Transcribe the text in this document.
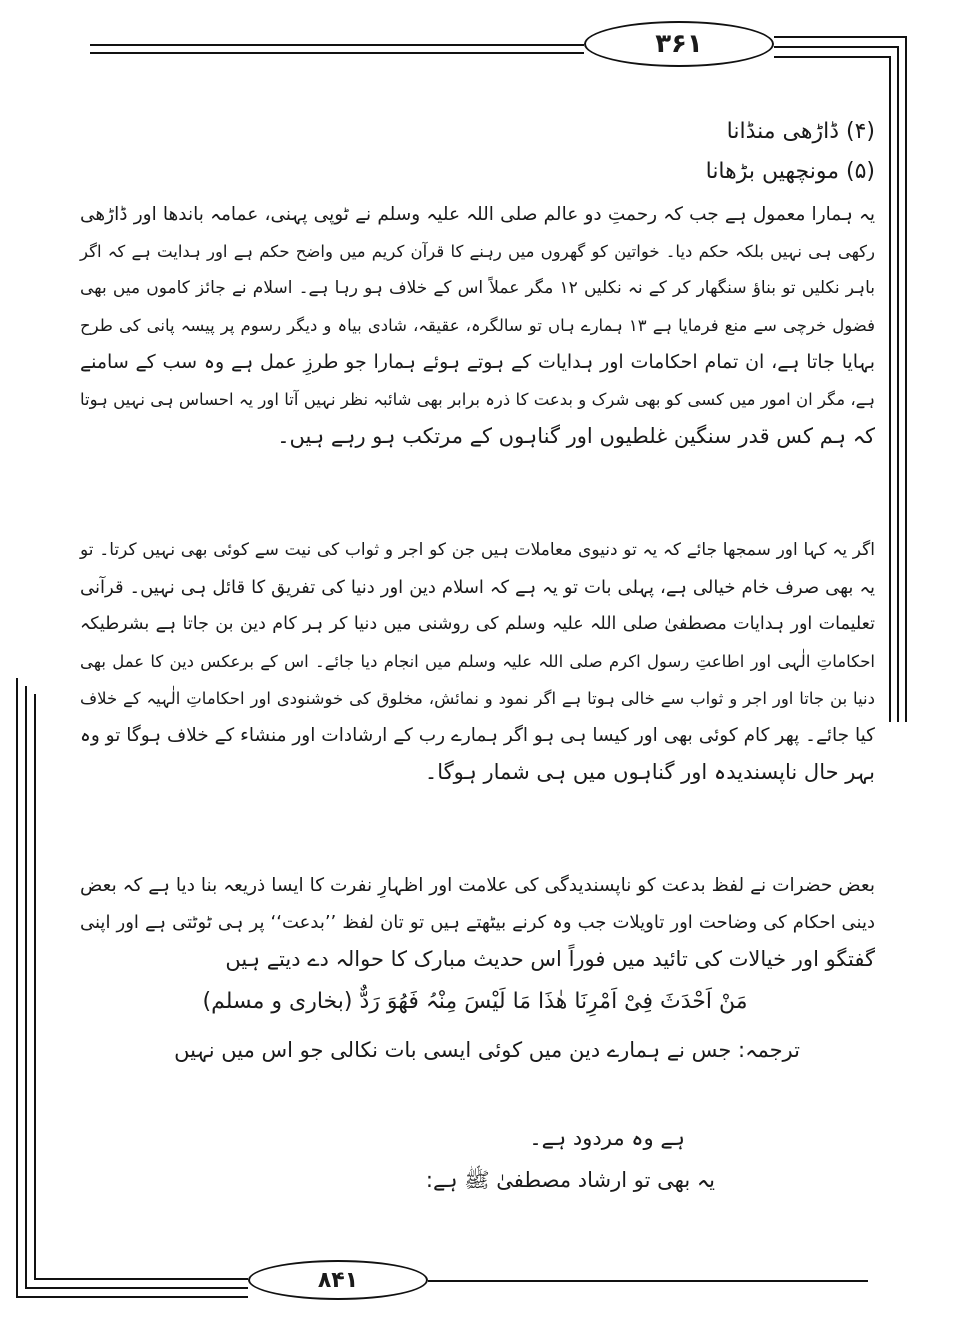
۳۶۱
(۴) ڈاڑھی منڈانا
(۵) مونچھیں بڑھانا
یہ ہمارا معمول ہے جب کہ رحمتِ دو عالم صلی اللہ علیہ وسلم نے ٹوپی پہنی، عمامہ باندھا اور ڈاڑھی
رکھی ہی نہیں بلکہ حکم دیا۔ خواتین کو گھروں میں رہنے کا قرآن کریم میں واضح حکم ہے اور ہدایت ہے کہ اگر
باہر نکلیں تو بناؤ سنگھار کر کے نہ نکلیں ۱۲ مگر عملاً اس کے خلاف ہو رہا ہے۔ اسلام نے جائز کاموں میں بھی
فضول خرچی سے منع فرمایا ہے ۱۳ ہمارے ہاں تو سالگرہ، عقیقہ، شادی بیاہ و دیگر رسوم پر پیسہ پانی کی طرح
بہایا جاتا ہے، ان تمام احکامات اور ہدایات کے ہوتے ہوئے ہمارا جو طرزِ عمل ہے وہ سب کے سامنے
ہے، مگر ان امور میں کسی کو بھی شرک و بدعت کا ذرہ برابر بھی شائبہ نظر نہیں آتا اور یہ احساس ہی نہیں ہوتا
کہ ہم کس قدر سنگین غلطیوں اور گناہوں کے مرتکب ہو رہے ہیں۔
اگر یہ کہا اور سمجھا جائے کہ یہ تو دنیوی معاملات ہیں جن کو اجر و ثواب کی نیت سے کوئی بھی نہیں کرتا۔ تو
یہ بھی صرف خام خیالی ہے، پہلی بات تو یہ ہے کہ اسلام دین اور دنیا کی تفریق کا قائل ہی نہیں۔ قرآنی
تعلیمات اور ہدایات مصطفیٰ صلی اللہ علیہ وسلم کی روشنی میں دنیا کر ہر کام دین بن جاتا ہے بشرطیکہ
احکاماتِ الٰہی اور اطاعتِ رسول اکرم صلی اللہ علیہ وسلم میں انجام دیا جائے۔ اس کے برعکس دین کا عمل بھی
دنیا بن جاتا اور اجر و ثواب سے خالی ہوتا ہے اگر نمود و نمائش، مخلوق کی خوشنودی اور احکاماتِ الٰہیہ کے خلاف
کیا جائے۔ پھر کام کوئی بھی اور کیسا ہی ہو اگر ہمارے رب کے ارشادات اور منشاء کے خلاف ہوگا تو وہ
بہر حال ناپسندیدہ اور گناہوں میں ہی شمار ہوگا۔
بعض حضرات نے لفظ بدعت کو ناپسندیدگی کی علامت اور اظہارِ نفرت کا ایسا ذریعہ بنا دیا ہے کہ بعض
دینی احکام کی وضاحت اور تاویلات جب وہ کرنے بیٹھتے ہیں تو تان لفظ ’’بدعت‘‘ پر ہی ٹوٹتی ہے اور اپنی
گفتگو اور خیالات کی تائید میں فوراً اس حدیث مبارک کا حوالہ دے دیتے ہیں
مَنْ اَحْدَثَ فِیْ اَمْرِنَا ھٰذَا مَا لَیْسَ مِنْہُ فَھُوَ رَدٌّ (بخاری و مسلم)
ترجمہ: جس نے ہمارے دین میں کوئی ایسی بات نکالی جو اس میں نہیں
ہے وہ مردود ہے۔
یہ بھی تو ارشاد مصطفیٰ ﷺ ہے:
۸۴۱
